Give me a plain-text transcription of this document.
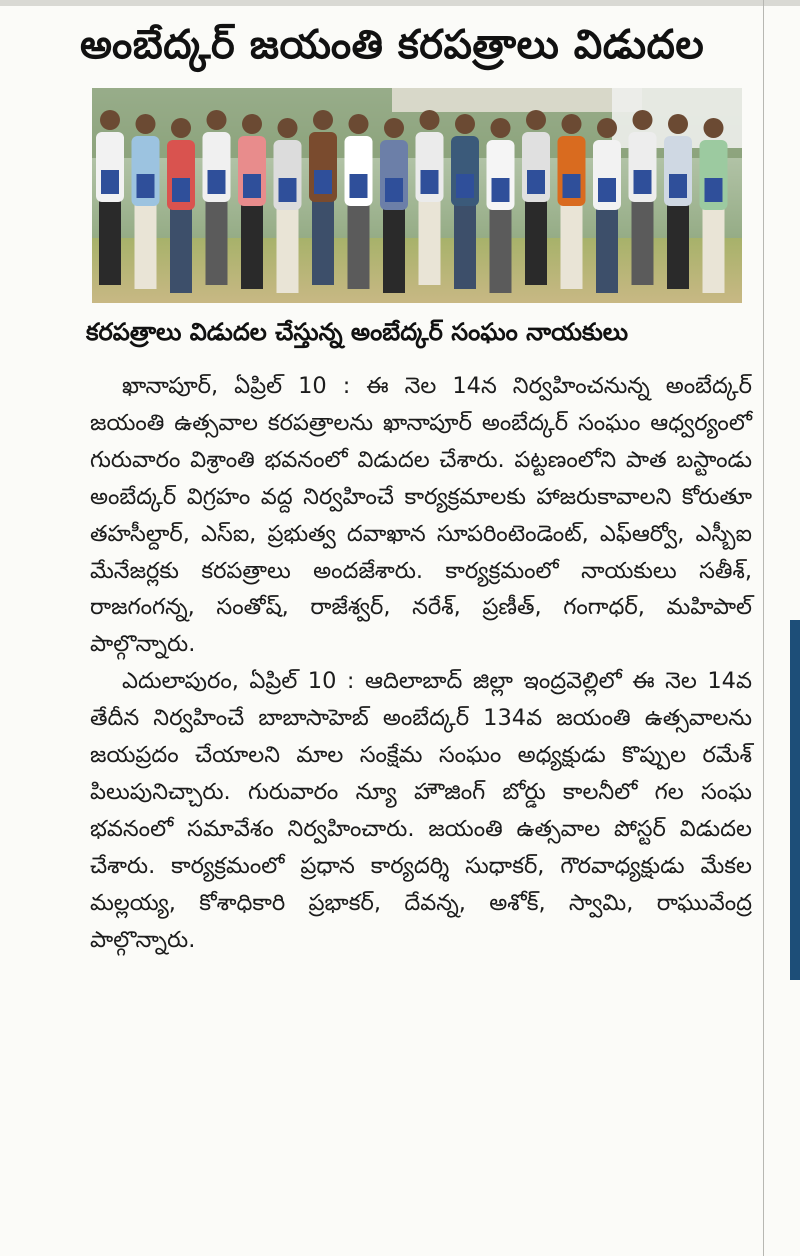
అంబేద్కర్ జయంతి కరపత్రాలు విడుదల
కరపత్రాలు విడుదల చేస్తున్న అంబేద్కర్ సంఘం నాయకులు

ఖానాపూర్, ఏప్రిల్ 10 : ఈ నెల 14న నిర్వహించనున్న అంబేద్కర్ జయంతి ఉత్సవాల కరపత్రాలను ఖానాపూర్ అంబేద్కర్ సంఘం ఆధ్వర్యంలో గురువారం విశ్రాంతి భవనంలో విడుదల చేశారు. పట్టణంలోని పాత బస్టాండు అంబేద్కర్ విగ్రహం వద్ద నిర్వహించే కార్యక్రమాలకు హాజరుకావాలని కోరుతూ తహసీల్దార్, ఎస్ఐ, ప్రభుత్వ దవాఖాన సూపరింటెండెంట్, ఎఫ్ఆర్వో, ఎస్బీఐ మేనేజర్లకు కరపత్రాలు అందజేశారు. కార్యక్రమంలో నాయకులు సతీశ్, రాజగంగన్న, సంతోష్, రాజేశ్వర్, నరేశ్, ప్రణీత్, గంగాధర్, మహిపాల్ పాల్గొన్నారు.

ఎదులాపురం, ఏప్రిల్ 10 : ఆదిలాబాద్ జిల్లా ఇంద్రవెల్లిలో ఈ నెల 14వ తేదీన నిర్వహించే బాబాసాహెబ్ అంబేద్కర్ 134వ జయంతి ఉత్సవాలను జయప్రదం చేయాలని మాల సంక్షేమ సంఘం అధ్యక్షుడు కొప్పుల రమేశ్ పిలుపునిచ్చారు. గురువారం న్యూ హౌజింగ్ బోర్డు కాలనీలో గల సంఘ భవనంలో సమావేశం నిర్వహించారు. జయంతి ఉత్సవాల పోస్టర్ విడుదల చేశారు. కార్యక్రమంలో ప్రధాన కార్యదర్శి సుధాకర్, గౌరవాధ్యక్షుడు మేకల మల్లయ్య, కోశాధికారి ప్రభాకర్, దేవన్న, అశోక్, స్వామి, రాఘువేంద్ర పాల్గొన్నారు.
